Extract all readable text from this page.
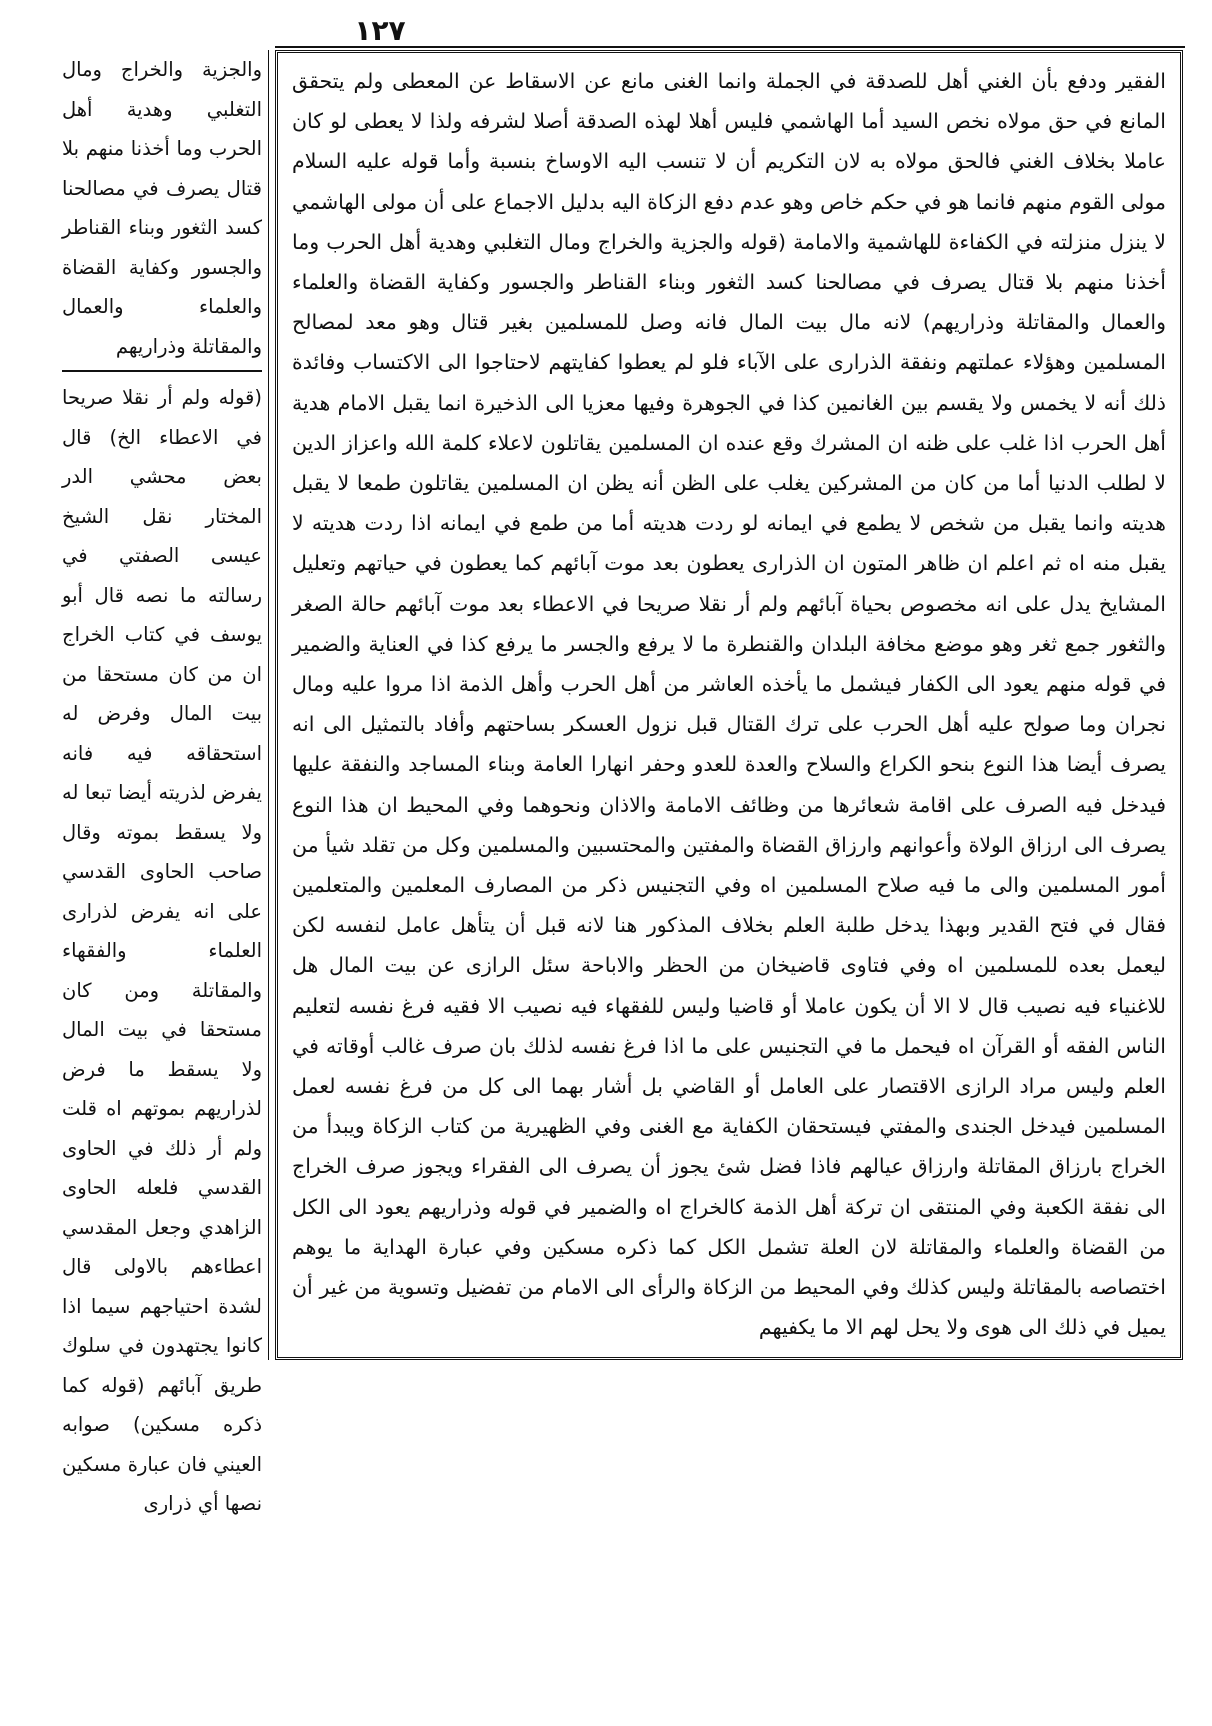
١٢٧

الفقير ودفع بأن الغني أهل للصدقة في الجملة وانما الغنى مانع عن الاسقاط عن المعطى ولم يتحقق المانع في حق مولاه نخص السيد أما الهاشمي فليس أهلا لهذه الصدقة أصلا لشرفه ولذا لا يعطى لو كان عاملا بخلاف الغني فالحق مولاه به لان التكريم أن لا تنسب اليه الاوساخ بنسبة وأما قوله عليه السلام مولى القوم منهم فانما هو في حكم خاص وهو عدم دفع الزكاة اليه بدليل الاجماع على أن مولى الهاشمي لا ينزل منزلته في الكفاءة للهاشمية والامامة (قوله والجزية والخراج ومال التغلبي وهدية أهل الحرب وما أخذنا منهم بلا قتال يصرف في مصالحنا كسد الثغور وبناء القناطر والجسور وكفاية القضاة والعلماء والعمال والمقاتلة وذراريهم) لانه مال بيت المال فانه وصل للمسلمين بغير قتال وهو معد لمصالح المسلمين وهؤلاء عملتهم ونفقة الذرارى على الآباء فلو لم يعطوا كفايتهم لاحتاجوا الى الاكتساب وفائدة ذلك أنه لا يخمس ولا يقسم بين الغانمين كذا في الجوهرة وفيها معزيا الى الذخيرة انما يقبل الامام هدية أهل الحرب اذا غلب على ظنه ان المشرك وقع عنده ان المسلمين يقاتلون لاعلاء كلمة الله واعزاز الدين لا لطلب الدنيا أما من كان من المشركين يغلب على الظن أنه يظن ان المسلمين يقاتلون طمعا لا يقبل هديته وانما يقبل من شخص لا يطمع في ايمانه لو ردت هديته أما من طمع في ايمانه اذا ردت هديته لا يقبل منه اه ثم اعلم ان ظاهر المتون ان الذرارى يعطون بعد موت آبائهم كما يعطون في حياتهم وتعليل المشايخ يدل على انه مخصوص بحياة آبائهم ولم أر نقلا صريحا في الاعطاء بعد موت آبائهم حالة الصغر والثغور جمع ثغر وهو موضع مخافة البلدان والقنطرة ما لا يرفع والجسر ما يرفع كذا في العناية والضمير في قوله منهم يعود الى الكفار فيشمل ما يأخذه العاشر من أهل الحرب وأهل الذمة اذا مروا عليه ومال نجران وما صولح عليه أهل الحرب على ترك القتال قبل نزول العسكر بساحتهم وأفاد بالتمثيل الى انه يصرف أيضا هذا النوع بنحو الكراع والسلاح والعدة للعدو وحفر انهارا العامة وبناء المساجد والنفقة عليها فيدخل فيه الصرف على اقامة شعائرها من وظائف الامامة والاذان ونحوهما وفي المحيط ان هذا النوع يصرف الى ارزاق الولاة وأعوانهم وارزاق القضاة والمفتين والمحتسبين والمسلمين وكل من تقلد شيأ من أمور المسلمين والى ما فيه صلاح المسلمين اه وفي التجنيس ذكر من المصارف المعلمين والمتعلمين فقال في فتح القدير وبهذا يدخل طلبة العلم بخلاف المذكور هنا لانه قبل أن يتأهل عامل لنفسه لكن ليعمل بعده للمسلمين اه وفي فتاوى قاضيخان من الحظر والاباحة سئل الرازى عن بيت المال هل للاغنياء فيه نصيب قال لا الا أن يكون عاملا أو قاضيا وليس للفقهاء فيه نصيب الا فقيه فرغ نفسه لتعليم الناس الفقه أو القرآن اه فيحمل ما في التجنيس على ما اذا فرغ نفسه لذلك بان صرف غالب أوقاته في العلم وليس مراد الرازى الاقتصار على العامل أو القاضي بل أشار بهما الى كل من فرغ نفسه لعمل المسلمين فيدخل الجندى والمفتي فيستحقان الكفاية مع الغنى وفي الظهيرية من كتاب الزكاة ويبدأ من الخراج بارزاق المقاتلة وارزاق عيالهم فاذا فضل شئ يجوز أن يصرف الى الفقراء ويجوز صرف الخراج الى نفقة الكعبة وفي المنتقى ان تركة أهل الذمة كالخراج اه والضمير في قوله وذراريهم يعود الى الكل من القضاة والعلماء والمقاتلة لان العلة تشمل الكل كما ذكره مسكين وفي عبارة الهداية ما يوهم اختصاصه بالمقاتلة وليس كذلك وفي المحيط من الزكاة والرأى الى الامام من تفضيل وتسوية من غير أن يميل في ذلك الى هوى ولا يحل لهم الا ما يكفيهم

والجزية والخراج ومال التغلبي وهدية أهل الحرب وما أخذنا منهم بلا قتال يصرف في مصالحنا كسد الثغور وبناء القناطر والجسور وكفاية القضاة والعلماء والعمال والمقاتلة وذراريهم

(قوله ولم أر نقلا صريحا في الاعطاء الخ) قال بعض محشي الدر المختار نقل الشيخ عيسى الصفتي في رسالته ما نصه قال أبو يوسف في كتاب الخراج ان من كان مستحقا من بيت المال وفرض له استحقاقه فيه فانه يفرض لذريته أيضا تبعا له ولا يسقط بموته وقال صاحب الحاوى القدسي على انه يفرض لذرارى العلماء والفقهاء والمقاتلة ومن كان مستحقا في بيت المال ولا يسقط ما فرض لذراريهم بموتهم اه قلت ولم أر ذلك في الحاوى القدسي فلعله الحاوى الزاهدي وجعل المقدسي اعطاءهم بالاولى قال لشدة احتياجهم سيما اذا كانوا يجتهدون في سلوك طريق آبائهم (قوله كما ذكره مسكين) صوابه العيني فان عبارة مسكين نصها أي ذرارى
